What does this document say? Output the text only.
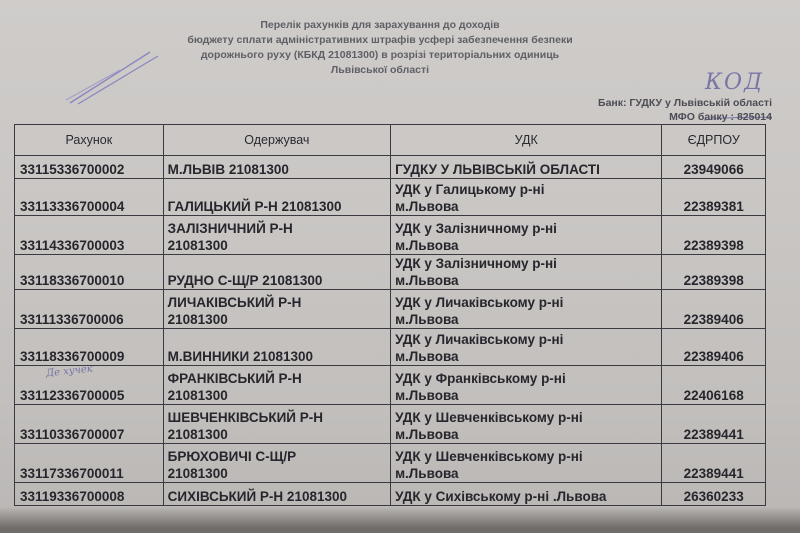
Перелік рахунків для зарахування до доходів
бюджету сплати адміністративних штрафів усфері забезпечення безпеки
дорожнього руху (КБКД 21081300) в розрізі територіальних одиниць
Львівської області	КОД
Банк: ГУДКУ у Львівській області
МФО банку : 825014
Дe хучек
Рахунок	Одержувач	УДК	ЄДРПОУ
33115336700002	М.ЛЬВІВ 21081300	ГУДКУ У ЛЬВІВСЬКІЙ ОБЛАСТІ	23949066
33113336700004	ГАЛИЦЬКИЙ Р-Н 21081300	УДК у Галицькому р-ні
м.Львова	22389381
33114336700003	ЗАЛІЗНИЧНИЙ Р-Н
21081300	УДК у Залізничному р-ні
м.Львова	22389398
33118336700010	РУДНО С-Щ/Р 21081300	УДК у Залізничному р-ні
м.Львова	22389398
33111336700006	ЛИЧАКІВСЬКИЙ Р-Н
21081300	УДК у Личаківському р-ні
м.Львова	22389406
33118336700009	М.ВИННИКИ 21081300	УДК у Личаківському р-ні
м.Львова	22389406
33112336700005	ФРАНКІВСЬКИЙ Р-Н
21081300	УДК у Франківському р-ні
м.Львова	22406168
33110336700007	ШЕВЧЕНКІВСЬКИЙ Р-Н
21081300	УДК у Шевченківському р-ні
м.Львова	22389441
33117336700011	БРЮХОВИЧІ С-Щ/Р
21081300	УДК у Шевченківському р-ні
м.Львова	22389441
33119336700008	СИХІВСЬКИЙ Р-Н 21081300	УДК у Сихівському р-ні .Львова	26360233
